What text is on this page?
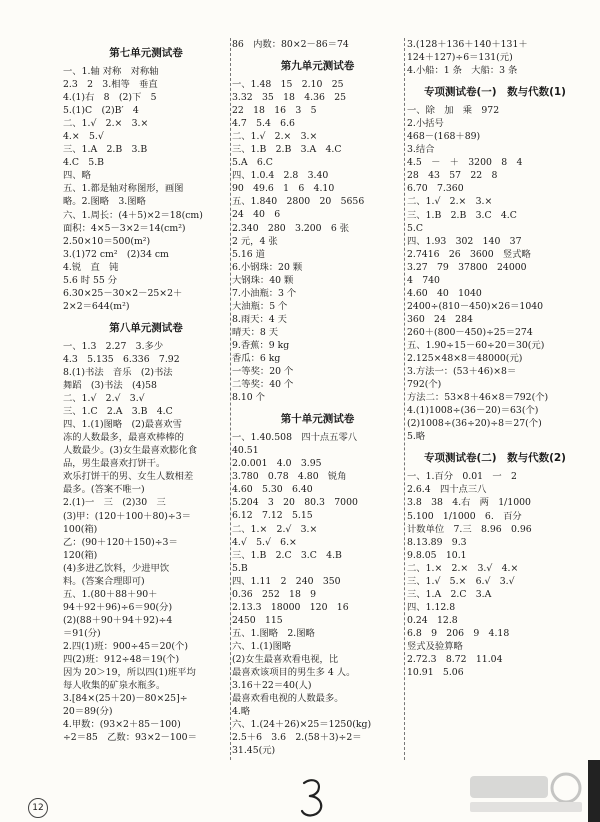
第七单元测试卷
一、1.轴 对称　对称轴
2.3　2　3.相等　垂直
4.(1)右　8　(2)下　5
5.(1)C　(2)B′　4
二、1.√　2.×　3.×
4.×　5.√
三、1.A　2.B　3.B
4.C　5.B
四、略
五、1.都是轴对称图形，画图
略。2.图略　3.图略
六、1.周长：(4＋5)×2＝18(cm)
面积：4×5－3×2＝14(cm²)
2.50×10＝500(m²)
3.(1)72 cm²　(2)34 cm
4.锐　直　钝
5.6 时 55 分
6.30×25－30×2－25×2＋
2×2＝644(m²)
第八单元测试卷
一、1.3　2.27　3.多少
4.3　5.135　6.336　7.92
8.(1)书法　音乐　(2)书法
舞蹈　(3)书法　(4)58
二、1.√　2.√　3.√
三、1.C　2.A　3.B　4.C
四、1.(1)图略　(2)最喜欢雪
冻的人数最多，最喜欢棒棒的
人数最少。(3)女生最喜欢膨化食
品，男生最喜欢打饼干。
欢乐打饼干的男、女生人数相差
最多。(答案不唯一)
2.(1)一　三　(2)30　三
(3)甲：(120＋100＋80)÷3＝
100(箱)
乙：(90＋120＋150)÷3＝
120(箱)
(4)多进乙饮料，少进甲饮
料。(答案合理即可)
五、1.(80＋88＋90＋
94＋92＋96)÷6＝90(分)
(2)(88＋90＋94＋92)÷4
＝91(分)
2.四(1)班：900÷45＝20(个)
四(2)班：912÷48＝19(个)
因为 20＞19，所以四(1)班平均
每人收集的矿泉水瓶多。
3.[84×(25＋20)－80×25]÷
20＝89(分)
4.甲数：(93×2＋85－100)
÷2＝85　乙数：93×2－100＝
86　内数：80×2－86＝74
第九单元测试卷
一、1.48　15　2.10　25
3.32　35　18　4.36　25
22　18　16　3　5
4.7　5.4　6.6
二、1.√　2.×　3.×
三、1.B　2.B　3.A　4.C
5.A　6.C
四、1.0.4　2.8　3.40
90　49.6　1　6　4.10
五、1.840　2800　20　5656
24　40　6
2.340　280　3.200　6 张
2 元，4 张
5.16 道
6.小钢珠：20 颗
大钢珠：40 颗
7.小油瓶：3 个
大油瓶：5 个
8.雨天：4 天
晴天：8 天
9.香蕉：9 kg
香瓜：6 kg
一等奖：20 个
二等奖：40 个
8.10 个
第十单元测试卷
一、1.40.508　四十点五零八
40.51
2.0.001　4.0　3.95
3.780　0.78　4.80　锐角
4.60　5.30　6.40
5.204　3　20　80.3　7000
6.12　7.12　5.15
二、1.×　2.√　3.×
4.√　5.√　6.×
三、1.B　2.C　3.C　4.B
5.B
四、1.11　2　240　350
0.36　252　18　9
2.13.3　18000　120　16
2450　115
五、1.图略　2.图略
六、1.(1)图略
(2)女生最喜欢看电视，比
最喜欢该项目的男生多 4 人。
3.16＋22＝40(人)
最喜欢看电视的人数最多。
4.略
六、1.(24＋26)×25＝1250(kg)
2.5＋6　3.6　2.(58＋3)÷2＝
31.45(元)
3.(128＋136＋140＋131＋
124＋127)÷6＝131(元)
4.小船：1 条　大船：3 条
专项测试卷(一)　数与代数(1)
一、除　加　乘　972
2.小括号
468－(168＋89)
3.结合
4.5　－　＋　3200　8　4
28　43　57　22　8
6.70　7.360
二、1.√　2.×　3.×
三、1.B　2.B　3.C　4.C
5.C
四、1.93　302　140　37
2.7416　26　3600　竖式略
3.27　79　37800　24000
4　740
4.60　40　1040
2400÷(810－450)×26＝1040
360　24　284
260＋(800－450)÷25＝274
五、1.90÷15－60÷20＝30(元)
2.125×48×8＝48000(元)
3.方法一：(53＋46)×8＝
792(个)
方法二：53×8＋46×8＝792(个)
4.(1)1008÷(36－20)＝63(个)
(2)1008÷(36÷20)÷8＝27(个)
5.略
专项测试卷(二)　数与代数(2)
一、1.百分　0.01　一　2
2.6.4　四十点三八
3.8　38　4.右　两　1/1000
5.100　1/1000　6.　百分
计数单位　7.三　8.96　0.96
8.13.89　9.3
9.8.05　10.1
二、1.×　2.×　3.√　4.×
三、1.√　5.×　6.√　3.√
三、1.A　2.C　3.A
四、1.12.8
0.24　12.8
6.8　9　206　9　4.18
竖式及验算略
2.72.3　8.72　11.04
10.91　5.06
12
